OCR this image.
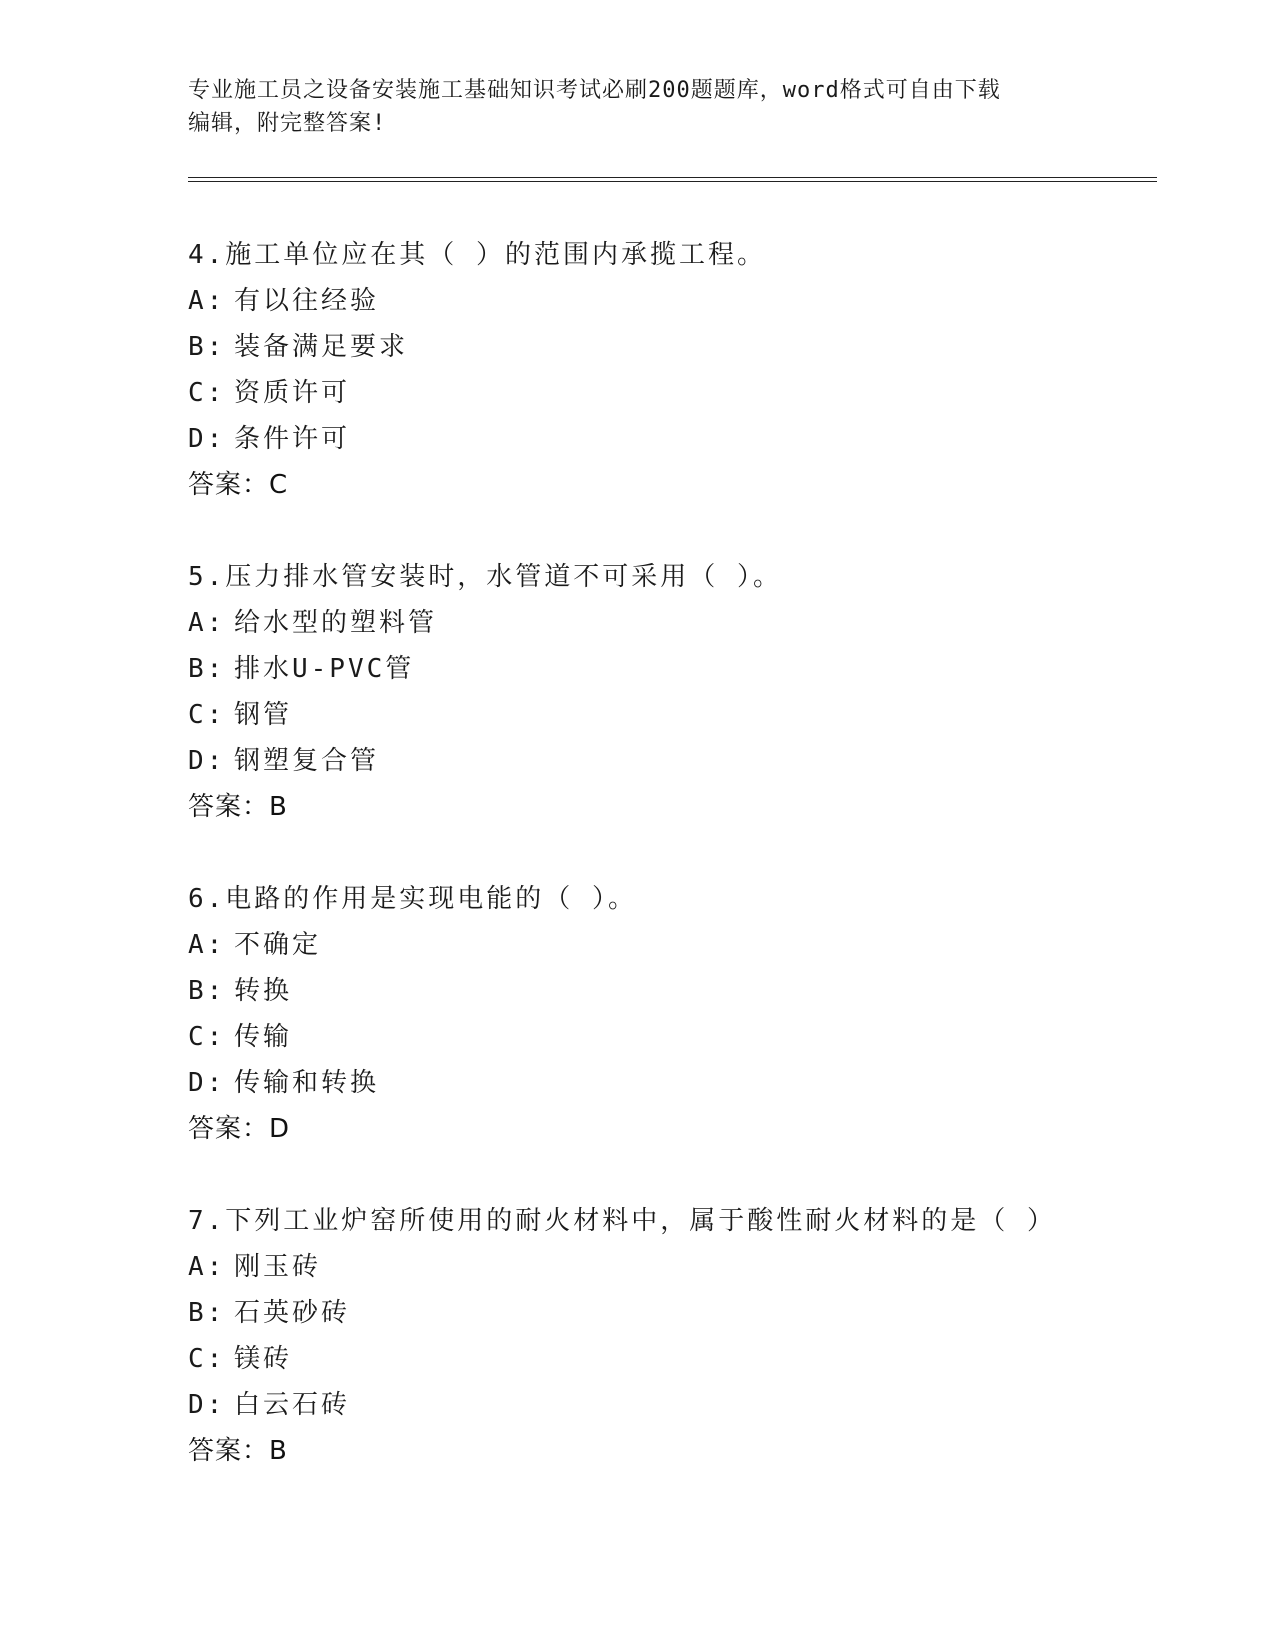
专业施工员之设备安装施工基础知识考试必刷200题题库，word格式可自由下载
编辑，附完整答案!
4.施工单位应在其（ ）的范围内承揽工程。
A: 有以往经验
B: 装备满足要求
C: 资质许可
D: 条件许可
答案：C
5.压力排水管安装时，水管道不可采用（ ）。
A: 给水型的塑料管
B: 排水U-PVC管
C: 钢管
D: 钢塑复合管
答案：B
6.电路的作用是实现电能的（ ）。
A: 不确定
B: 转换
C: 传输
D: 传输和转换
答案：D
7.下列工业炉窑所使用的耐火材料中，属于酸性耐火材料的是（ ）
A: 刚玉砖
B: 石英砂砖
C: 镁砖
D: 白云石砖
答案：B
